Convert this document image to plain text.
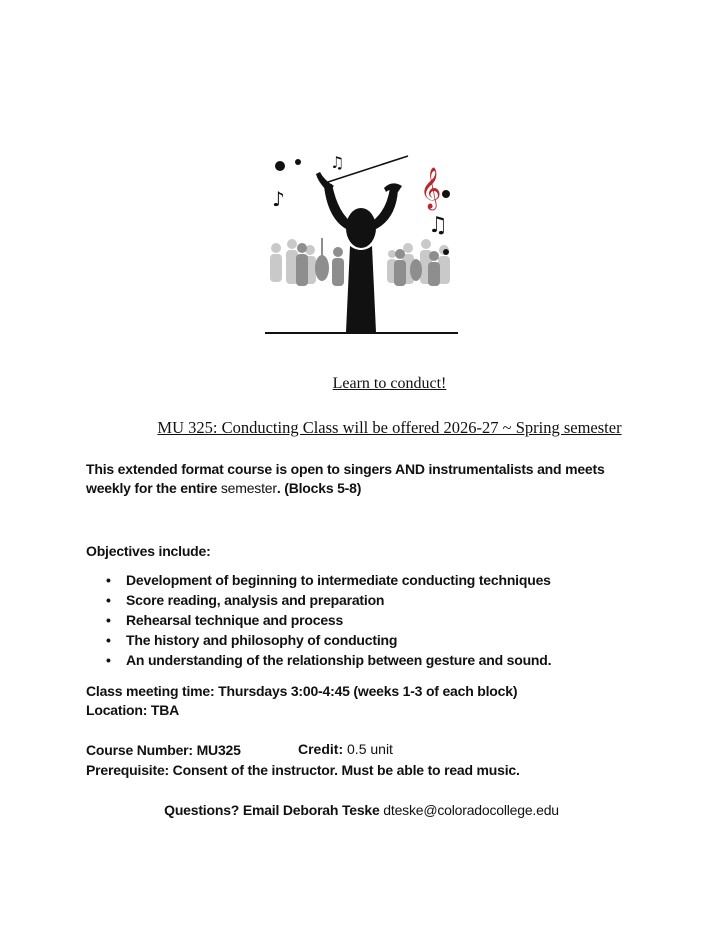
♫
♪	𝄞
♫
Learn to conduct!
MU 325: Conducting Class will be offered 2026-27 ~ Spring semester
This extended format course is open to singers AND instrumentalists and meets weekly for the entire semester. (Blocks 5-8)
Objectives include:
• Development of beginning to intermediate conducting techniques
• Score reading, analysis and preparation
• Rehearsal technique and process
• The history and philosophy of conducting
• An understanding of the relationship between gesture and sound.
Class meeting time: Thursdays 3:00-4:45 (weeks 1-3 of each block)
Location: TBA
Course Number: MU325	Credit: 0.5 unit
Prerequisite: Consent of the instructor. Must be able to read music.
Questions? Email Deborah Teske dteske@coloradocollege.edu
